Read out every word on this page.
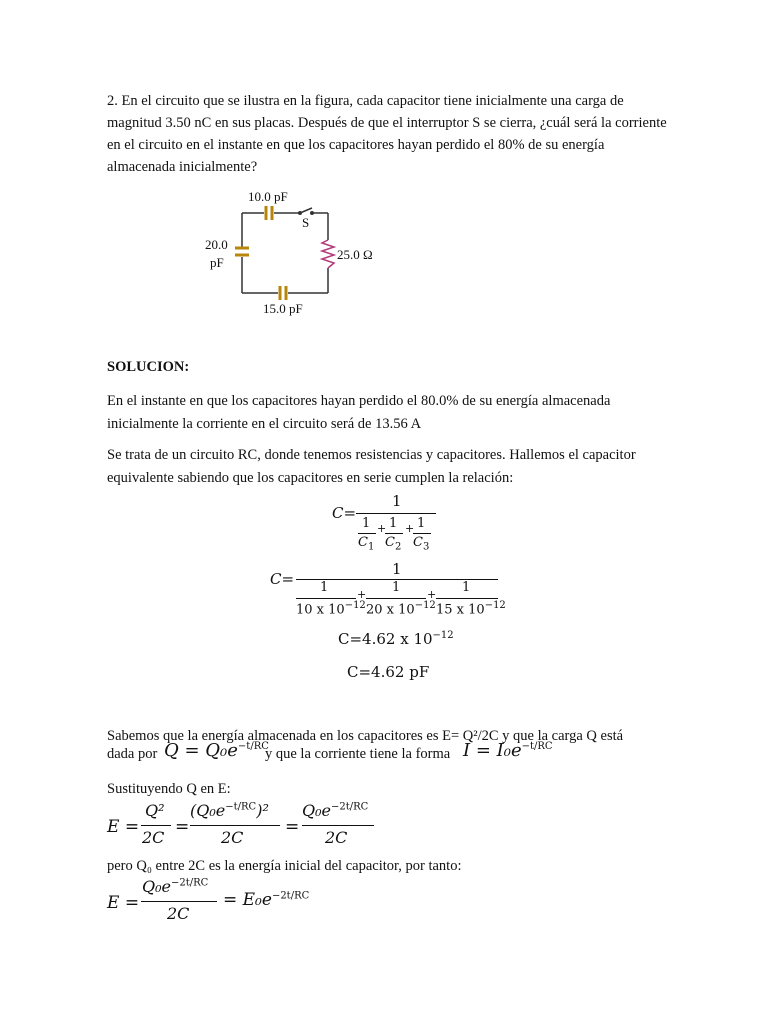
2. En el circuito que se ilustra en la figura, cada capacitor tiene inicialmente una carga de magnitud 3.50 nC en sus placas. Después de que el interruptor S se cierra, ¿cuál será la corriente en el circuito en el instante en que los capacitores hayan perdido el 80% de su energía almacenada inicialmente?

10.0 pF
S
20.0
pF
25.0 Ω
15.0 pF

SOLUCION:

En el instante en que los capacitores hayan perdido el 80.0% de su energía almacenada inicialmente la corriente en el circuito será de 13.56 A

Se trata de un circuito RC, donde tenemos resistencias y capacitores. Hallemos el capacitor equivalente sabiendo que los capacitores en serie cumplen la relación:

C=
1
1 1 1
+ +
$C_1$ $C_2$ $C_3$
C=
1
1	1	1
+	+
10 x $10^{-12}$ 20 x $10^{-12}$ 15 x $10^{-12}$
C=4.62 x $10^{-12}$
C=4.62 pF

Sabemos que la energía almacenada en los capacitores es E= Q²/2C y que la carga Q está

dada por $Q = Q_0e^{-t/RC}$
y que la corriente tiene la forma $I = I_0e^{-t/RC}$

Sustituyendo Q en E:

E =
Q²
2C
=
$(Q_0e^{-t/RC})^2$
2C
=
$Q_0e^{-2t/RC}$
2C

pero Q₀ entre 2C es la energía inicial del capacitor, por tanto:

E =
$Q_0e^{-2t/RC}$
2C
= $E_0e^{-2t/RC}$
